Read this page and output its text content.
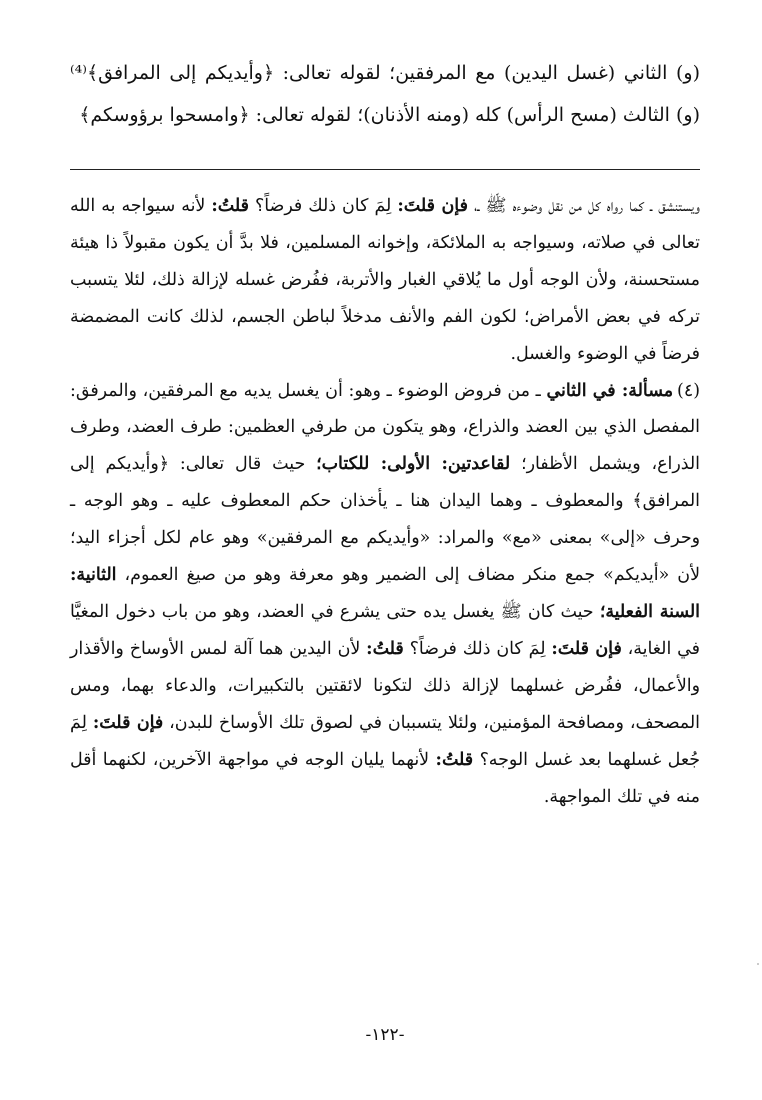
(و) الثاني (غسل اليدين) مع المرفقين؛ لقوله تعالى: ﴿وأيديكم إلى المرافق﴾⁽⁴⁾ (و) الثالث (مسح الرأس) كله (ومنه الأذنان)؛ لقوله تعالى: ﴿وامسحوا برؤوسكم﴾

ويستنشق ـ كما رواه كل من نقل وضوءه ﷺ ـ، فإن قلتَ: لِمَ كان ذلك فرضاً؟ قلتُ: لأنه سيواجه به الله تعالى في صلاته، وسيواجه به الملائكة، وإخوانه المسلمين، فلا بدَّ أن يكون مقبولاً ذا هيئة مستحسنة، ولأن الوجه أول ما يُلاقي الغبار والأتربة، ففُرض غسله لإزالة ذلك، لئلا يتسبب تركه في بعض الأمراض؛ لكون الفم والأنف مدخلاً لباطن الجسم، لذلك كانت المضمضة فرضاً في الوضوء والغسل.

(٤)مسألة: في الثاني ـ من فروض الوضوء ـ وهو: أن يغسل يديه مع المرفقين، والمرفق: المفصل الذي بين العضد والذراع، وهو يتكون من طرفي العظمين: طرف العضد، وطرف الذراع، ويشمل الأظفار؛ لقاعدتين: الأولى: للكتاب؛ حيث قال تعالى: ﴿وأيديكم إلى المرافق﴾ والمعطوف ـ وهما اليدان هنا ـ يأخذان حكم المعطوف عليه ـ وهو الوجه ـ وحرف «إلى» بمعنى «مع» والمراد: «وأيديكم مع المرفقين» وهو عام لكل أجزاء اليد؛ لأن «أيديكم» جمع منكر مضاف إلى الضمير وهو معرفة وهو من صيغ العموم، الثانية: السنة الفعلية؛ حيث كان ﷺ يغسل يده حتى يشرع في العضد، وهو من باب دخول المغيَّا في الغاية، فإن قلتَ: لِمَ كان ذلك فرضاً؟ قلتُ: لأن اليدين هما آلة لمس الأوساخ والأقذار والأعمال، ففُرض غسلهما لإزالة ذلك لتكونا لائقتين بالتكبيرات، والدعاء بهما، ومس المصحف، ومصافحة المؤمنين، ولئلا يتسببان في لصوق تلك الأوساخ للبدن، فإن قلتَ: لِمَ جُعل غسلهما بعد غسل الوجه؟ قلتُ: لأنهما يليان الوجه في مواجهة الآخرين، لكنهما أقل منه في تلك المواجهة.

-١٢٢-
